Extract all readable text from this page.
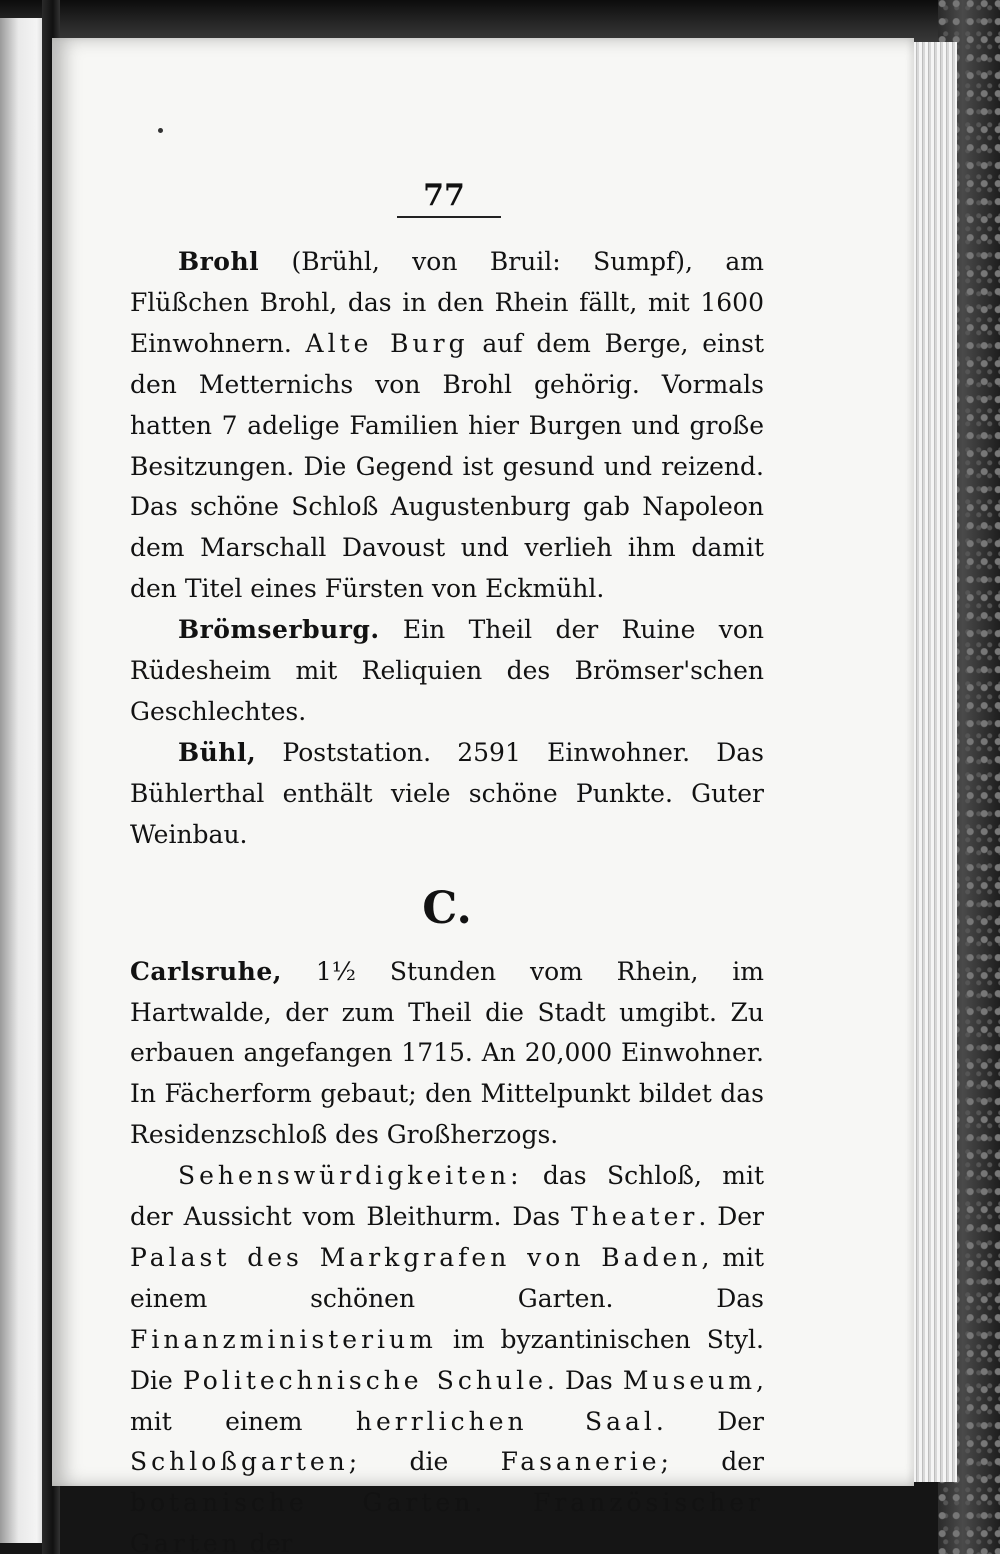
77

Brohl (Brühl, von Bruil: Sumpf), am Flüßchen Brohl, das in den Rhein fällt, mit 1600 Einwohnern. Alte Burg auf dem Berge, einst den Metternichs von Brohl gehörig. Vormals hatten 7 adelige Familien hier Burgen und große Besitzungen. Die Gegend ist gesund und reizend. Das schöne Schloß Augustenburg gab Napoleon dem Marschall Davoust und verlieh ihm damit den Titel eines Fürsten von Eckmühl.

Brömserburg. Ein Theil der Ruine von Rüdesheim mit Reliquien des Brömser'schen Geschlechtes.

Bühl, Poststation. 2591 Einwohner. Das Bühlerthal enthält viele schöne Punkte. Guter Weinbau.

C.

Carlsruhe, 1½ Stunden vom Rhein, im Hartwalde, der zum Theil die Stadt umgibt. Zu erbauen angefangen 1715. An 20,000 Einwohner. In Fächerform gebaut; den Mittelpunkt bildet das Residenzschloß des Großherzogs.

Sehenswürdigkeiten: das Schloß, mit der Aussicht vom Bleithurm. Das Theater. Der Palast des Markgrafen von Baden, mit einem schönen Garten. Das Finanzministerium im byzantinischen Styl. Die Politechnische Schule. Das Museum, mit einem herrlichen Saal. Der Schloßgarten; die Fasanerie; der botanische Garten. Französischer Garten der
